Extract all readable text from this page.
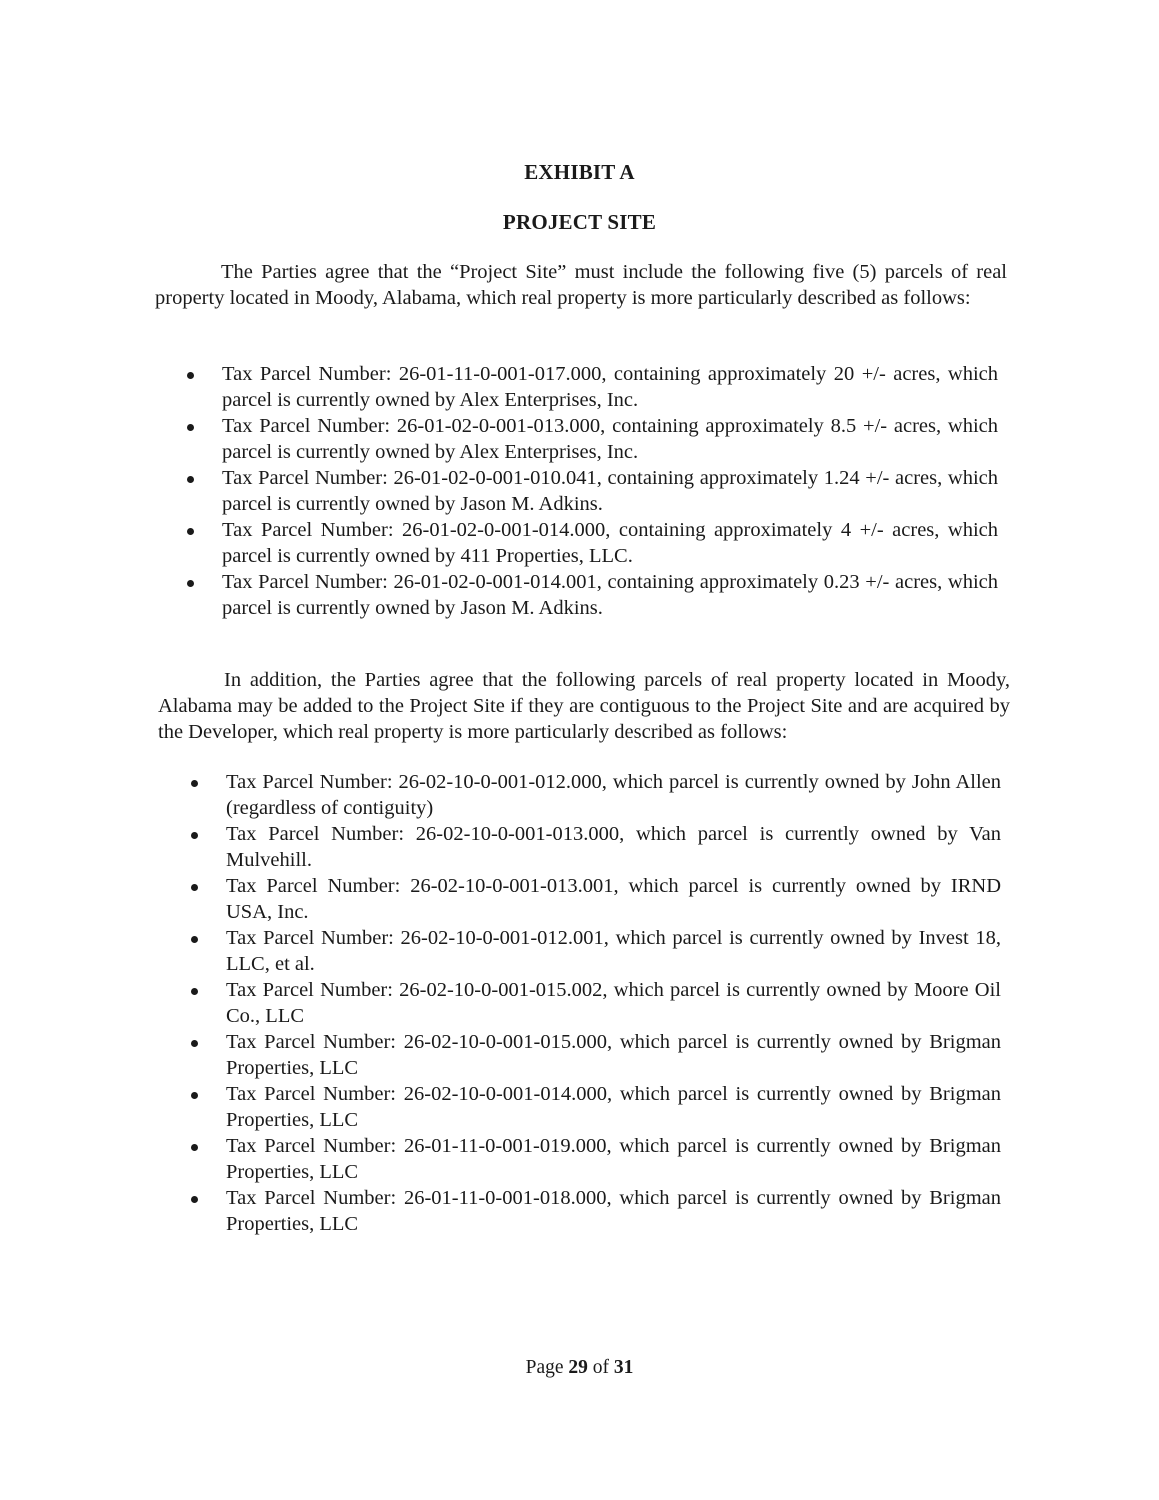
EXHIBIT A
PROJECT SITE
The Parties agree that the “Project Site” must include the following five (5) parcels of real property located in Moody, Alabama, which real property is more particularly described as follows:
Tax Parcel Number: 26-01-11-0-001-017.000, containing approximately 20 +/- acres, which parcel is currently owned by Alex Enterprises, Inc.
Tax Parcel Number: 26-01-02-0-001-013.000, containing approximately 8.5 +/- acres, which parcel is currently owned by Alex Enterprises, Inc.
Tax Parcel Number: 26-01-02-0-001-010.041, containing approximately 1.24 +/- acres, which parcel is currently owned by Jason M. Adkins.
Tax Parcel Number: 26-01-02-0-001-014.000, containing approximately 4 +/- acres, which parcel is currently owned by 411 Properties, LLC.
Tax Parcel Number: 26-01-02-0-001-014.001, containing approximately 0.23 +/- acres, which parcel is currently owned by Jason M. Adkins.
In addition, the Parties agree that the following parcels of real property located in Moody, Alabama may be added to the Project Site if they are contiguous to the Project Site and are acquired by the Developer, which real property is more particularly described as follows:
Tax Parcel Number: 26-02-10-0-001-012.000, which parcel is currently owned by John Allen (regardless of contiguity)
Tax Parcel Number: 26-02-10-0-001-013.000, which parcel is currently owned by Van Mulvehill.
Tax Parcel Number: 26-02-10-0-001-013.001, which parcel is currently owned by IRND USA, Inc.
Tax Parcel Number: 26-02-10-0-001-012.001, which parcel is currently owned by Invest 18, LLC, et al.
Tax Parcel Number: 26-02-10-0-001-015.002, which parcel is currently owned by Moore Oil Co., LLC
Tax Parcel Number: 26-02-10-0-001-015.000, which parcel is currently owned by Brigman Properties, LLC
Tax Parcel Number: 26-02-10-0-001-014.000, which parcel is currently owned by Brigman Properties, LLC
Tax Parcel Number: 26-01-11-0-001-019.000, which parcel is currently owned by Brigman Properties, LLC
Tax Parcel Number: 26-01-11-0-001-018.000, which parcel is currently owned by Brigman Properties, LLC
Page 29 of 31
